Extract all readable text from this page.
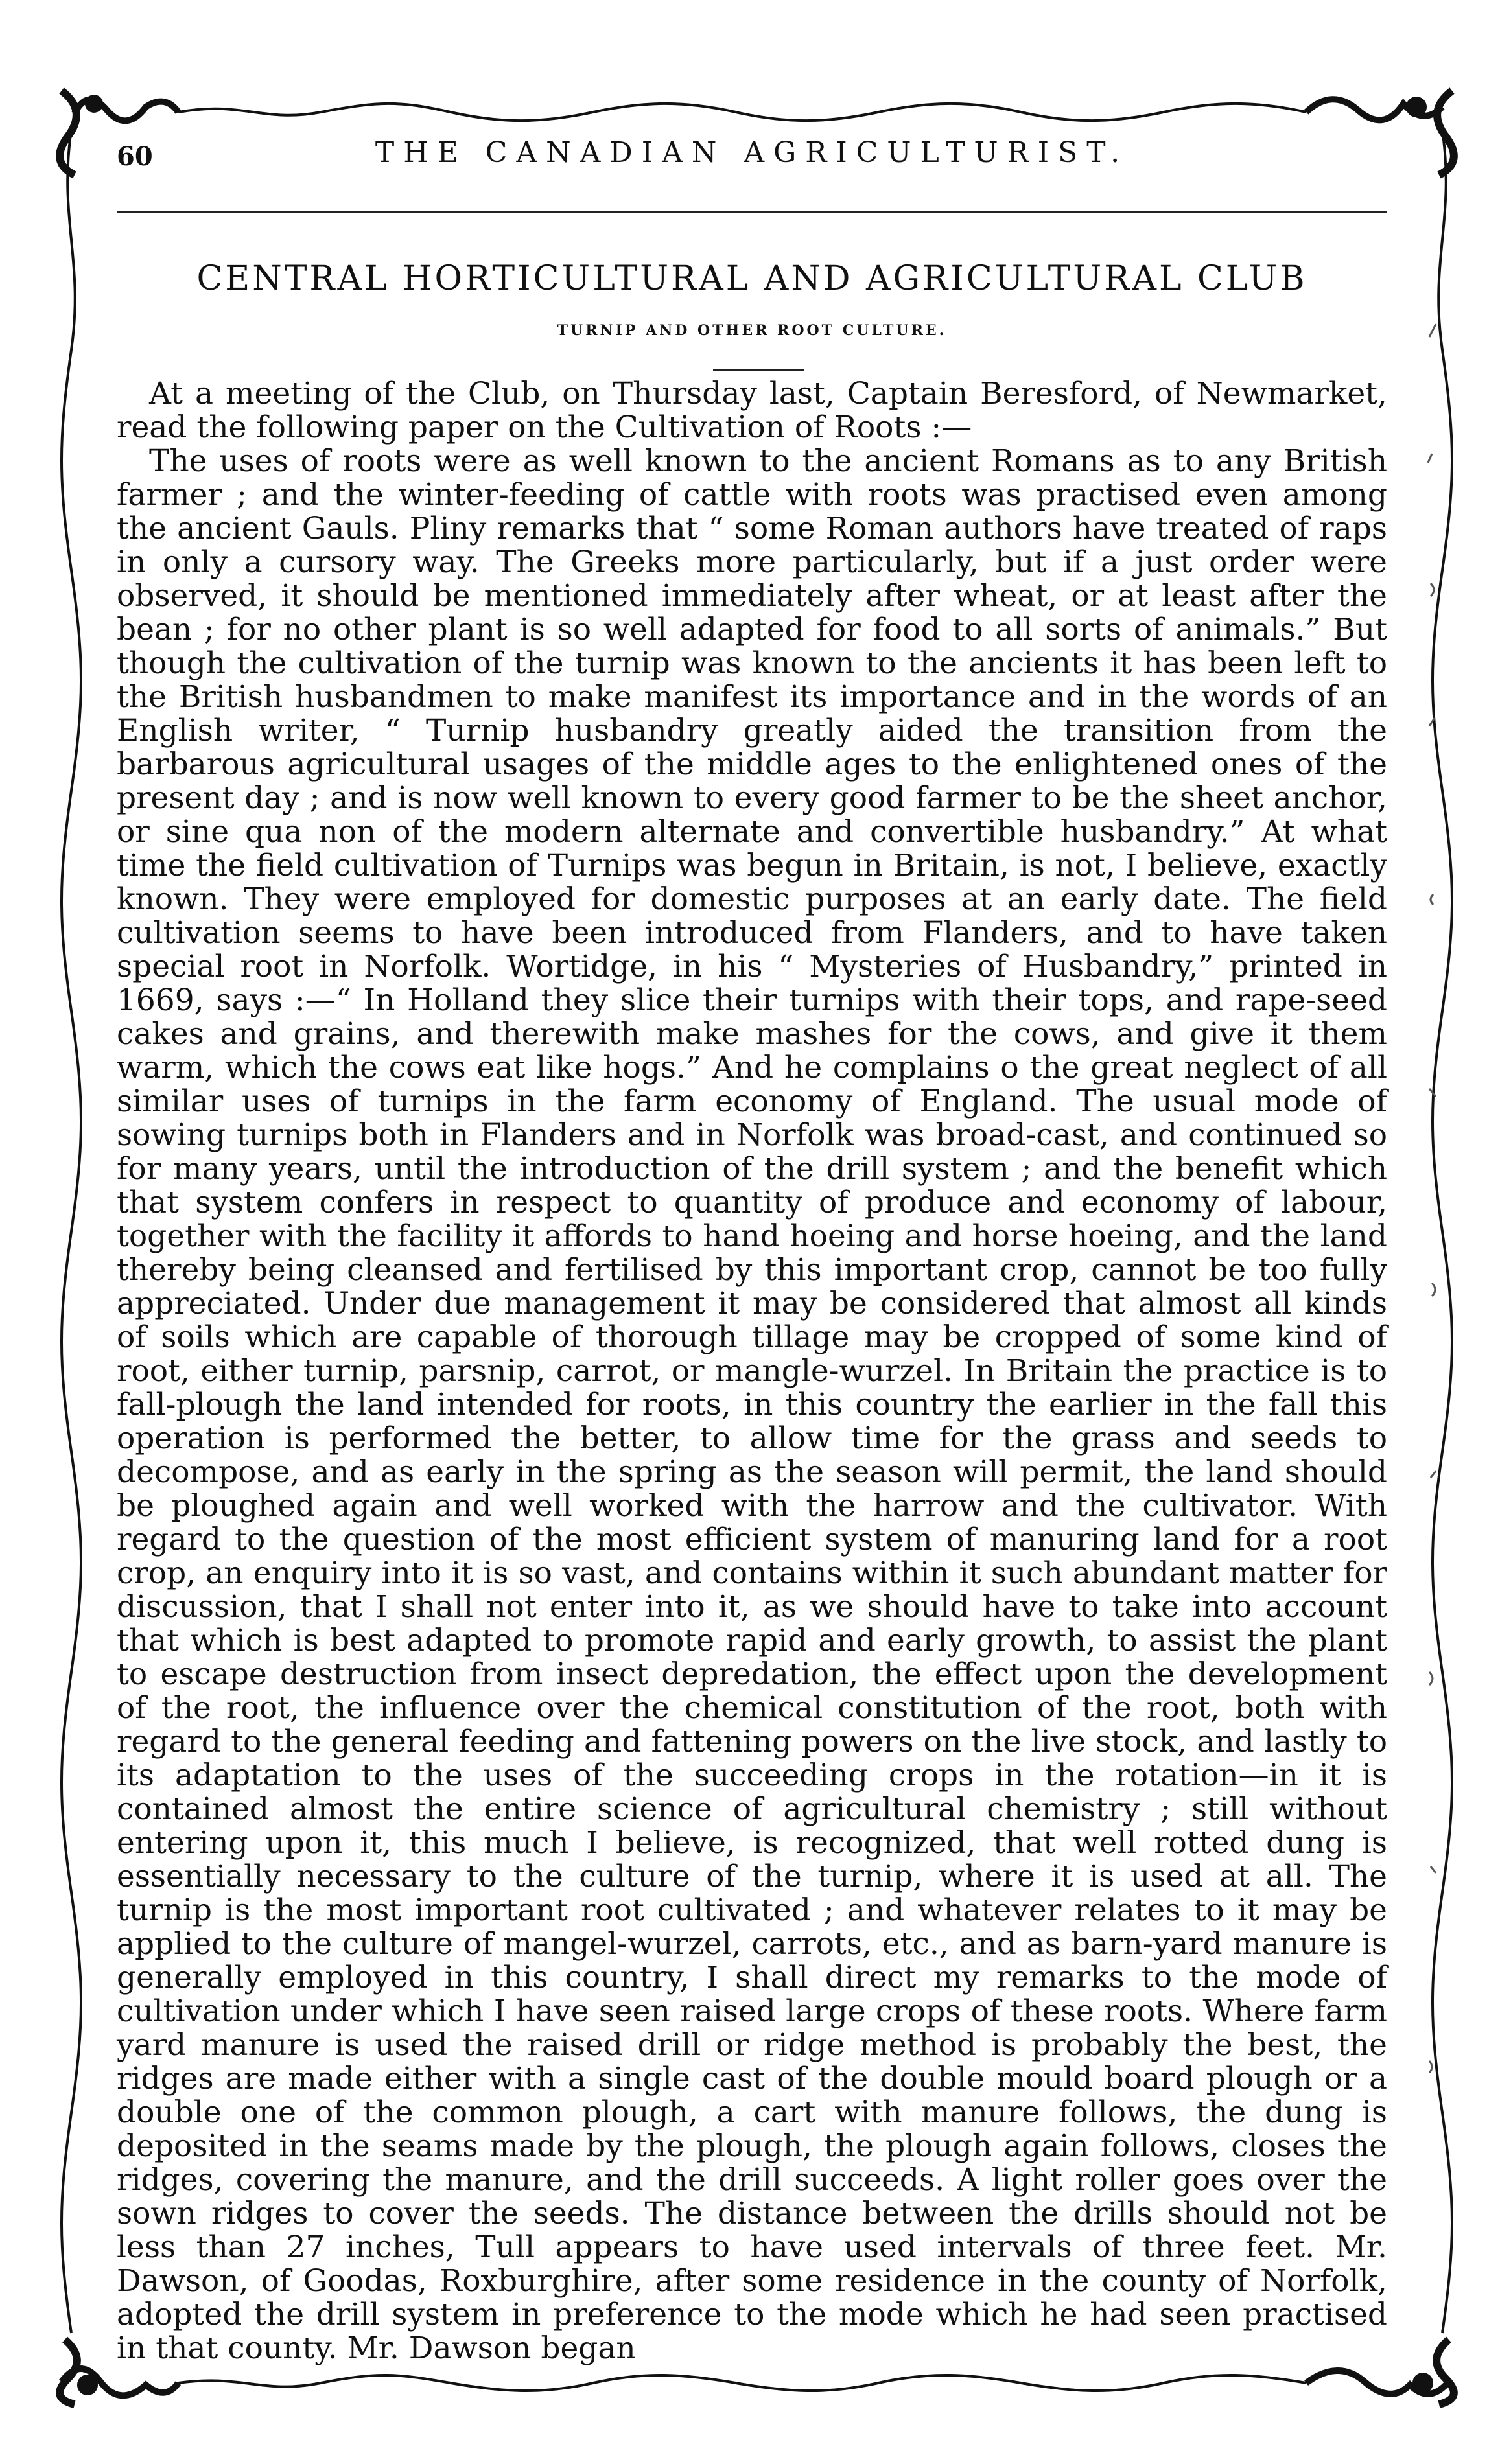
60	THE CANADIAN AGRICULTURIST.
CENTRAL HORTICULTURAL AND AGRICULTURAL CLUB
TURNIP AND OTHER ROOT CULTURE.

At a meeting of the Club, on Thursday last, Captain Beresford, of Newmarket, read the following paper on the Cultivation of Roots :—

The uses of roots were as well known to the ancient Romans as to any British farmer ; and the winter-feeding of cattle with roots was practised even among the ancient Gauls. Pliny remarks that “ some Roman authors have treated of raps in only a cursory way. The Greeks more particularly, but if a just order were observed, it should be mentioned immediately after wheat, or at least after the bean ; for no other plant is so well adapted for food to all sorts of animals.” But though the cultivation of the turnip was known to the ancients it has been left to the British husbandmen to make manifest its importance and in the words of an English writer, “ Turnip husbandry greatly aided the transition from the barbarous agricultural usages of the middle ages to the enlightened ones of the present day ; and is now well known to every good farmer to be the sheet anchor, or sine qua non of the modern alternate and convertible husbandry.” At what time the field cultivation of Turnips was begun in Britain, is not, I believe, exactly known. They were employed for domestic purposes at an early date. The field cultivation seems to have been introduced from Flanders, and to have taken special root in Norfolk. Wortidge, in his “ Mysteries of Husbandry,” printed in 1669, says :—“ In Holland they slice their turnips with their tops, and rape-seed cakes and grains, and therewith make mashes for the cows, and give it them warm, which the cows eat like hogs.” And he complains o the great neglect of all similar uses of turnips in the farm economy of England. The usual mode of sowing turnips both in Flanders and in Norfolk was broad-cast, and continued so for many years, until the introduction of the drill system ; and the benefit which that system confers in respect to quantity of produce and economy of labour, together with the facility it affords to hand hoeing and horse hoeing, and the land thereby being cleansed and fertilised by this important crop, cannot be too fully appreciated. Under due management it may be considered that almost all kinds of soils which are capable of thorough tillage may be cropped of some kind of root, either turnip, parsnip, carrot, or mangle-wurzel. In Britain the practice is to fall-plough the land intended for roots, in this country the earlier in the fall this operation is performed the better, to allow time for the grass and seeds to decompose, and as early in the spring as the season will permit, the land should be ploughed again and well worked with the harrow and the cultivator. With regard to the question of the most efficient system of manuring land for a root crop, an enquiry into it is so vast, and contains within it such abundant matter for discussion, that I shall not enter into it, as we should have to take into account that which is best adapted to promote rapid and early growth, to assist the plant to escape destruction from insect depredation, the effect upon the development of the root, the influence over the chemical constitution of the root, both with regard to the general feeding and fattening powers on the live stock, and lastly to its adaptation to the uses of the succeeding crops in the rotation—in it is contained almost the entire science of agricultural chemistry ; still without entering upon it, this much I believe, is recognized, that well rotted dung is essentially necessary to the culture of the turnip, where it is used at all. The turnip is the most important root cultivated ; and whatever relates to it may be applied to the culture of mangel-wurzel, carrots, etc., and as barn-yard manure is generally employed in this country, I shall direct my remarks to the mode of cultivation under which I have seen raised large crops of these roots. Where farm yard manure is used the raised drill or ridge method is probably the best, the ridges are made either with a single cast of the double mould board plough or a double one of the common plough, a cart with manure follows, the dung is deposited in the seams made by the plough, the plough again follows, closes the ridges, covering the manure, and the drill succeeds. A light roller goes over the sown ridges to cover the seeds. The distance between the drills should not be less than 27 inches, Tull appears to have used intervals of three feet. Mr. Dawson, of Goodas, Roxburghire, after some residence in the county of Norfolk, adopted the drill system in preference to the mode which he had seen practised in that county. Mr. Dawson began
